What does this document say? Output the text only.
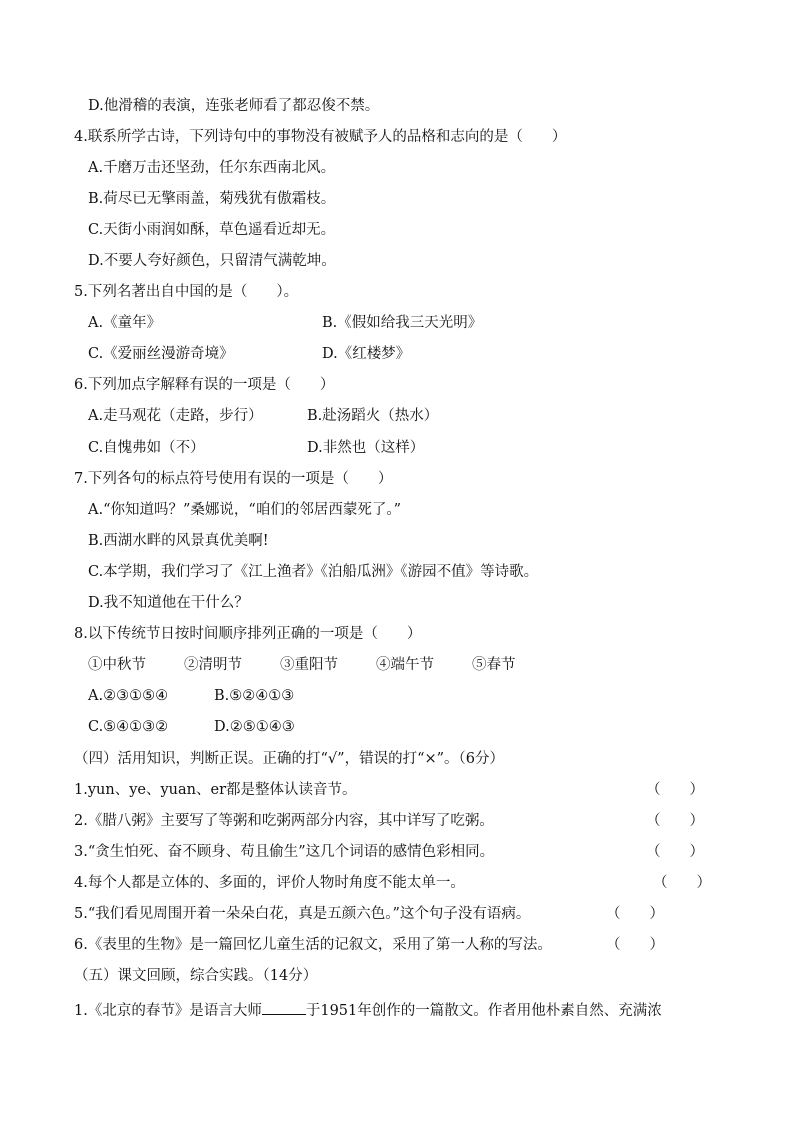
D.他滑稽的表演，连张老师看了都忍俊不禁。
4.联系所学古诗，下列诗句中的事物没有被赋予人的品格和志向的是（　　）
A.千磨万击还坚劲，任尔东西南北风。
B.荷尽已无擎雨盖，菊残犹有傲霜枝。
C.天街小雨润如酥，草色遥看近却无。
D.不要人夸好颜色，只留清气满乾坤。
5.下列名著出自中国的是（　　）。
A.《童年》	B.《假如给我三天光明》
C.《爱丽丝漫游奇境》	D.《红楼梦》
6.下列加点字解释有误的一项是（　　）
A.走马观花（走路，步行）	B.赴汤蹈火（热水）
C.自愧弗如（不）	D.非然也（这样）
7.下列各句的标点符号使用有误的一项是（　　）
A.“你知道吗？”桑娜说，“咱们的邻居西蒙死了。”
B.西湖水畔的风景真优美啊!
C.本学期，我们学习了《江上渔者》《泊船瓜洲》《游园不值》等诗歌。
D.我不知道他在干什么？
8.以下传统节日按时间顺序排列正确的一项是（　　）
①中秋节	②清明节	③重阳节	④端午节	⑤春节
A.②③①⑤④	B.⑤②④①③
C.⑤④①③②	D.②⑤①④③
（四）活用知识，判断正误。正确的打“√”，错误的打“×”。（6分）
1.yun、ye、yuan、er都是整体认读音节。	（　　）
2.《腊八粥》主要写了等粥和吃粥两部分内容，其中详写了吃粥。	（　　）
3.“贪生怕死、奋不顾身、苟且偷生”这几个词语的感情色彩相同。	（　　）
4.每个人都是立体的、多面的，评价人物时角度不能太单一。	（　　）
5.“我们看见周围开着一朵朵白花，真是五颜六色。”这个句子没有语病。	（　　）
6.《表里的生物》是一篇回忆儿童生活的记叙文，采用了第一人称的写法。	（　　）
（五）课文回顾，综合实践。（14分）
1.《北京的春节》是语言大师	于1951年创作的一篇散文。作者用他朴素自然、充满浓
